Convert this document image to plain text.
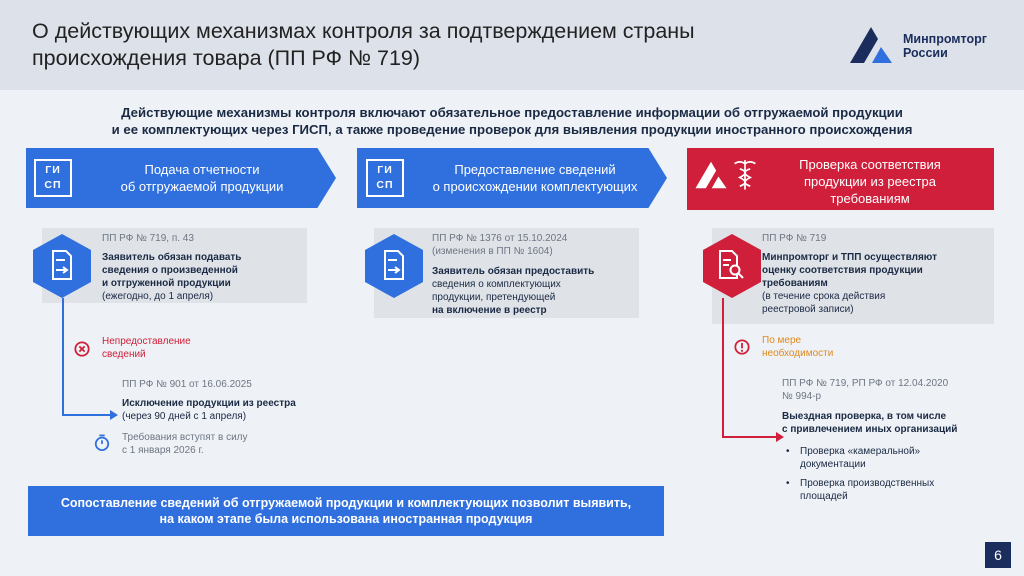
О действующих механизмах контроля за подтверждением страны происхождения товара (ПП РФ № 719)
Минпромторг
России
Действующие механизмы контроля включают обязательное предоставление информации об отгружаемой продукции
и ее комплектующих через ГИСП, а также проведение проверок для выявления продукции иностранного происхождения
ГИ
СП
Подача отчетности
об отгружаемой продукции
ГИ
СП
Предоставление сведений
о происхождении комплектующих
Проверка соответствия
продукции из реестра
требованиям
ПП РФ № 719, п. 43
Заявитель обязан подавать
сведения о произведенной
и отгруженной продукции
(ежегодно, до 1 апреля)
Непредоставление
сведений
ПП РФ № 901 от 16.06.2025
Исключение продукции из реестра
(через 90 дней с 1 апреля)
Требования вступят в силу
с 1 января 2026 г.
ПП РФ № 1376 от 15.10.2024
(изменения в ПП № 1604)
Заявитель обязан предоставить
сведения о комплектующих
продукции, претендующей
на включение в реестр
ПП РФ № 719
Минпромторг и ТПП осуществляют
оценку соответствия продукции
требованиям
(в течение срока действия
реестровой записи)
По мере
необходимости
ПП РФ № 719, РП РФ от 12.04.2020
№ 994-р
Выездная проверка, в том числе
с привлечением иных организаций
• Проверка «камеральной»
документации
• Проверка производственных
площадей
Сопоставление сведений об отгружаемой продукции и комплектующих позволит выявить,
на каком этапе была использована иностранная продукция
6
